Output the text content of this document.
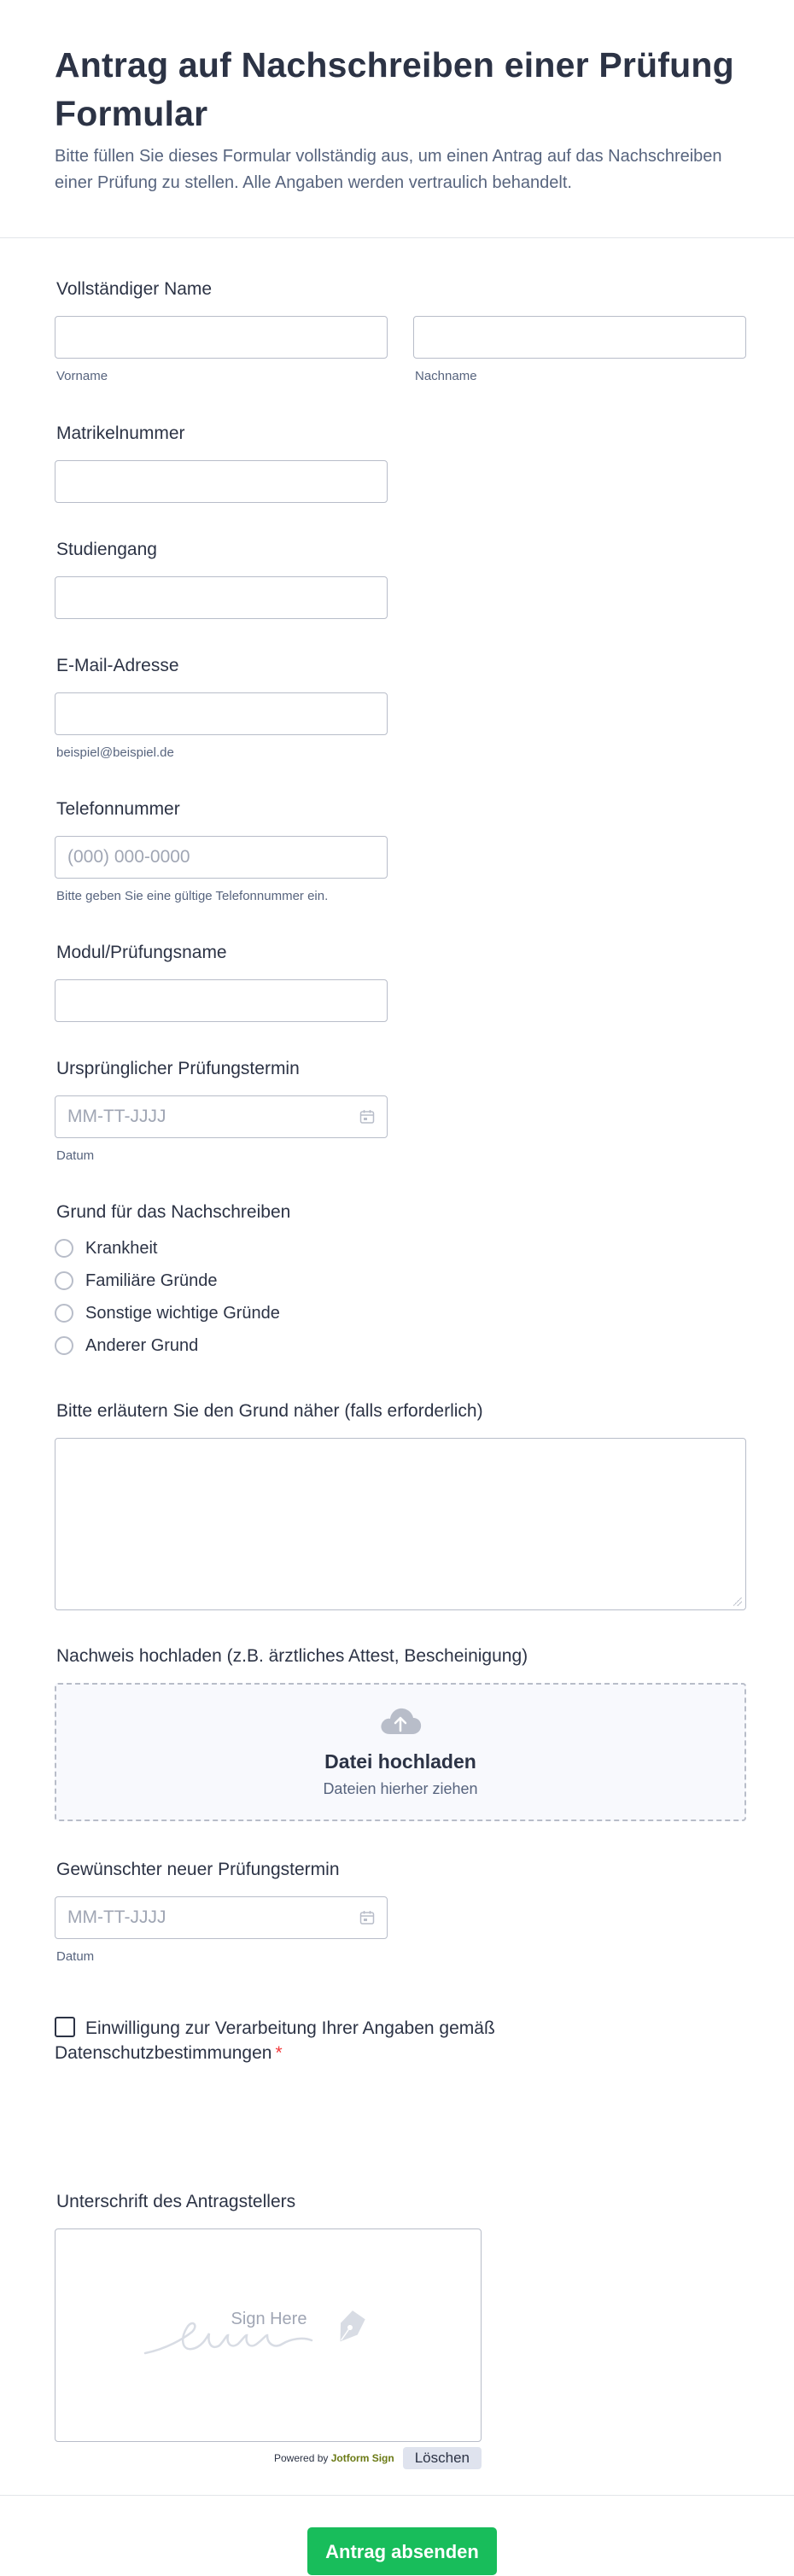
Antrag auf Nachschreiben einer Prüfung Formular
Bitte füllen Sie dieses Formular vollständig aus, um einen Antrag auf das Nachschreiben einer Prüfung zu stellen. Alle Angaben werden vertraulich behandelt.
Vollständiger Name
Vorname	Nachname
Matrikelnummer
Studiengang
E-Mail-Adresse
beispiel@beispiel.de
Telefonnummer
(000) 000-0000
Bitte geben Sie eine gültige Telefonnummer ein.
Modul/Prüfungsname
Ursprünglicher Prüfungstermin
MM-TT-JJJJ
Datum
Grund für das Nachschreiben
Krankheit
Familiäre Gründe
Sonstige wichtige Gründe
Anderer Grund
Bitte erläutern Sie den Grund näher (falls erforderlich)
Nachweis hochladen (z.B. ärztliches Attest, Bescheinigung)
Datei hochladen
Dateien hierher ziehen
Gewünschter neuer Prüfungstermin
MM-TT-JJJJ
Datum
Einwilligung zur Verarbeitung Ihrer Angaben gemäß Datenschutzbestimmungen *
Unterschrift des Antragstellers
Sign Here
Powered by Jotform Sign	Löschen
Antrag absenden
